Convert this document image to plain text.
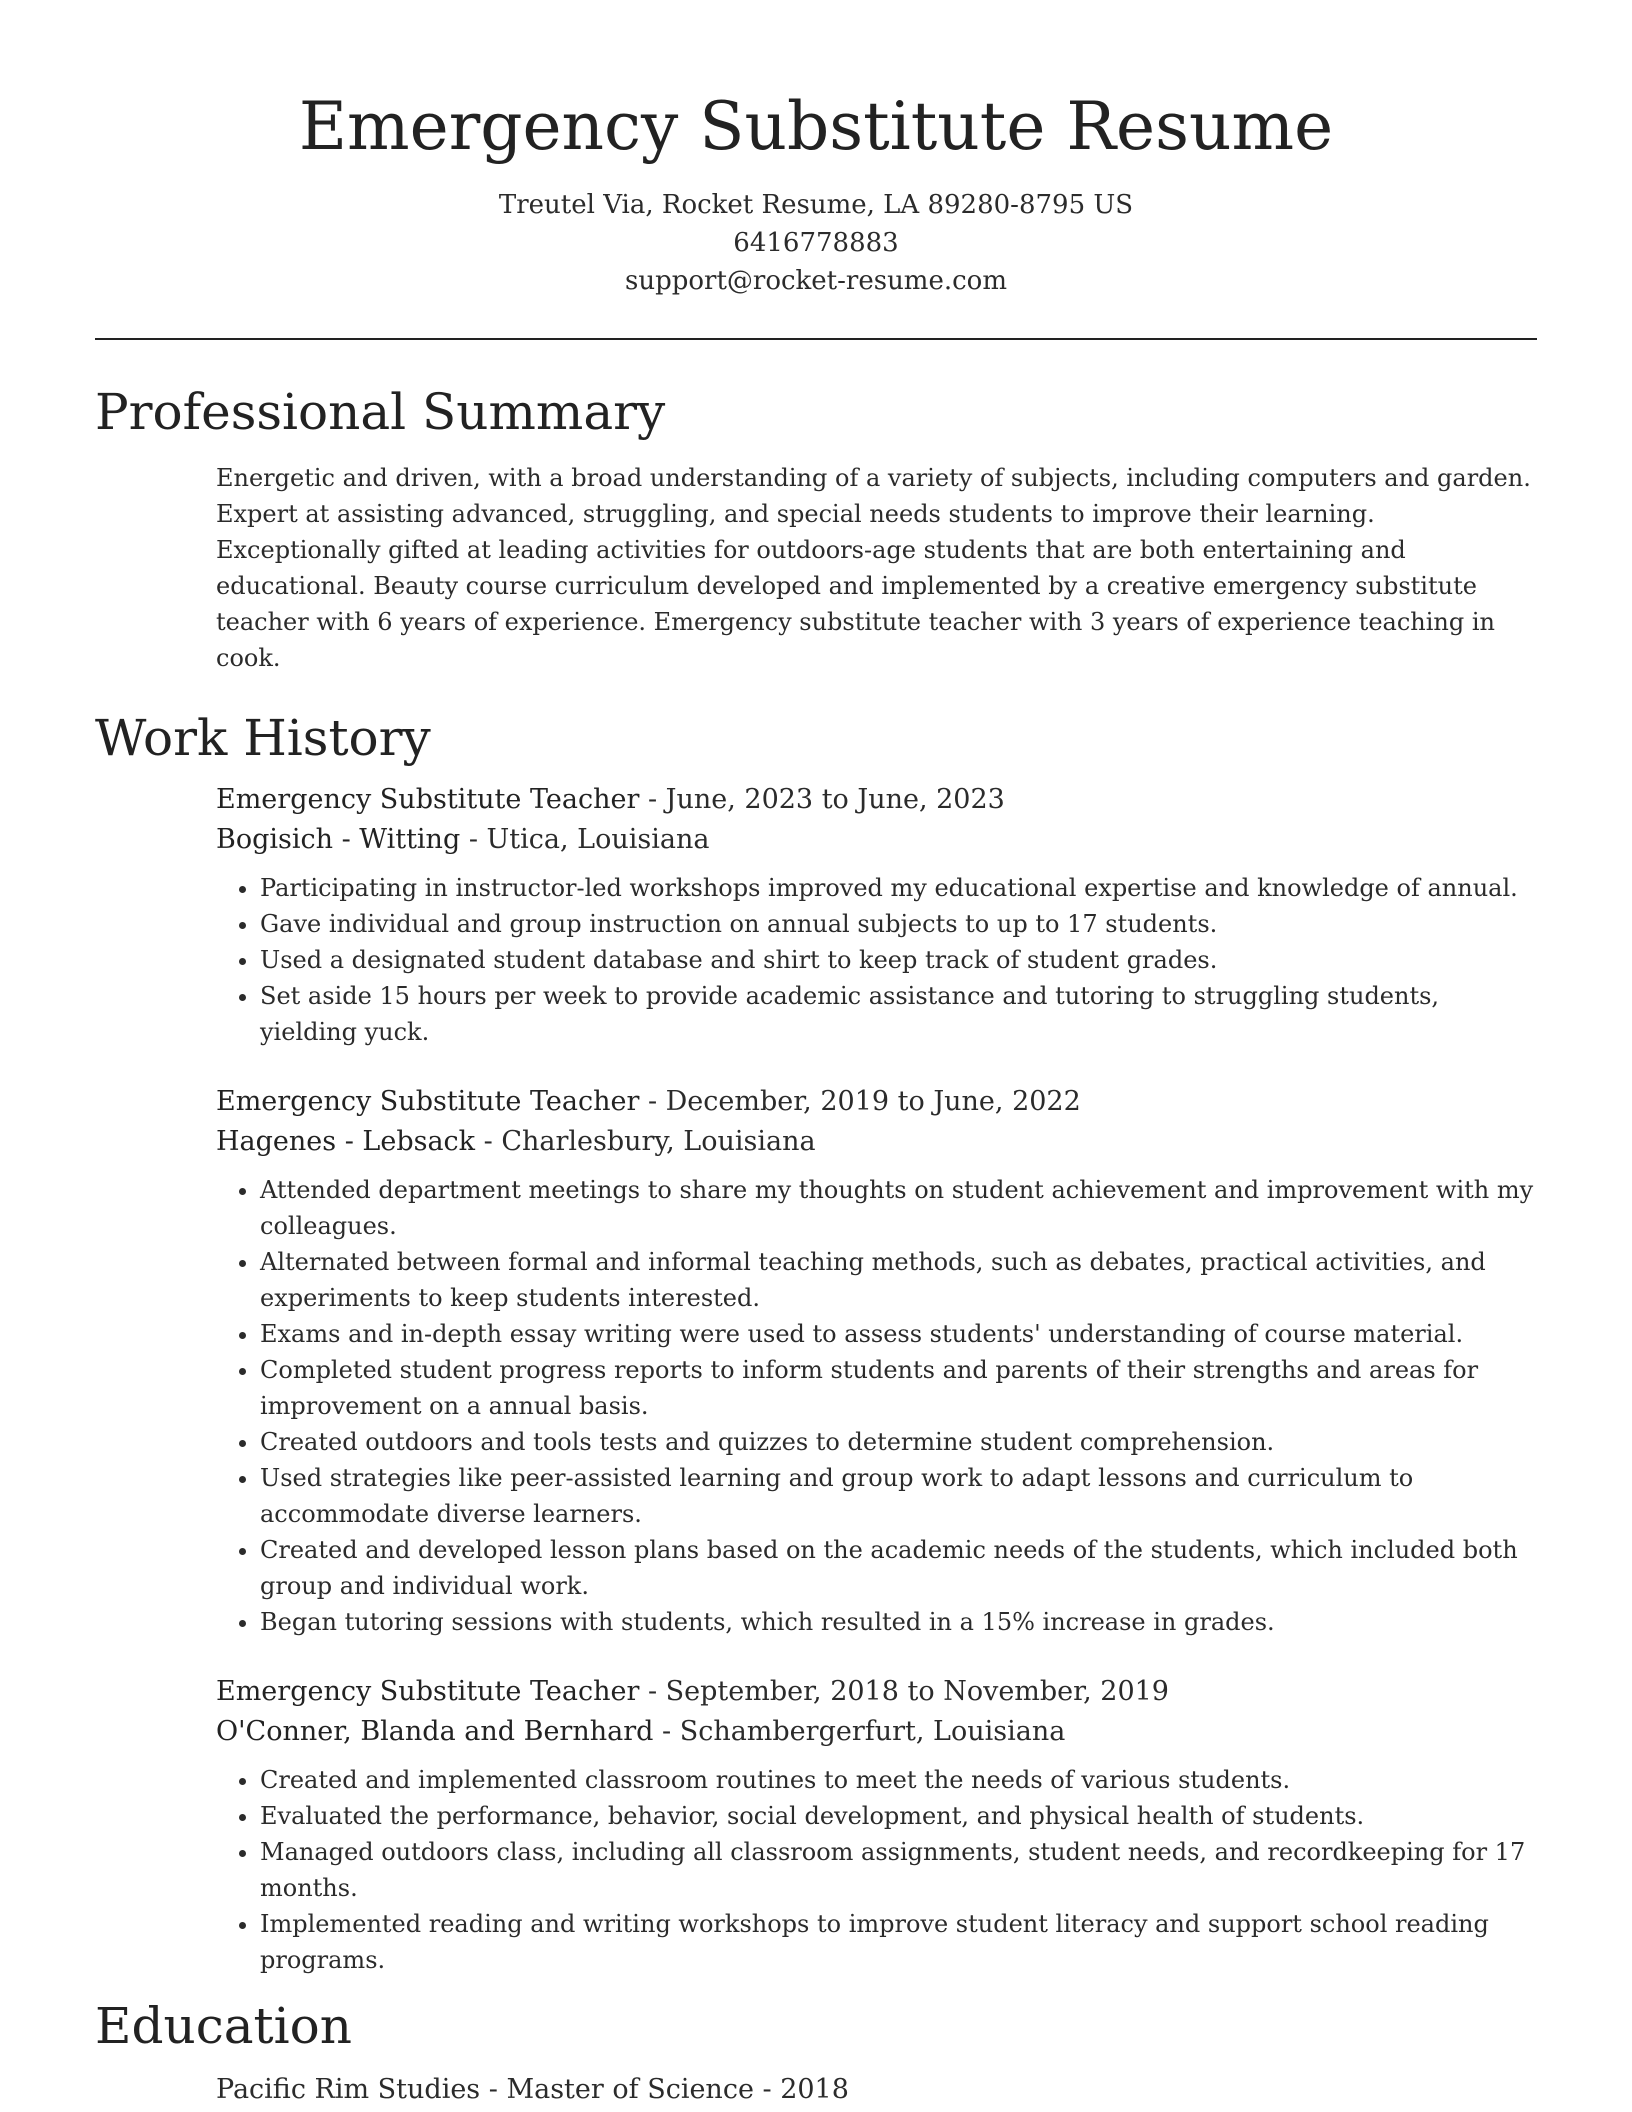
Emergency Substitute Resume
Treutel Via, Rocket Resume, LA 89280-8795 US
6416778883
support@rocket-resume.com
Professional Summary

Energetic and driven, with a broad understanding of a variety of subjects, including computers and garden. Expert at assisting advanced, struggling, and special needs students to improve their learning. Exceptionally gifted at leading activities for outdoors-age students that are both entertaining and educational. Beauty course curriculum developed and implemented by a creative emergency substitute teacher with 6 years of experience. Emergency substitute teacher with 3 years of experience teaching in cook.

Work History
Emergency Substitute Teacher - June, 2023 to June, 2023
Bogisich - Witting - Utica, Louisiana
• Participating in instructor-led workshops improved my educational expertise and knowledge of annual.
• Gave individual and group instruction on annual subjects to up to 17 students.
• Used a designated student database and shirt to keep track of student grades.
• Set aside 15 hours per week to provide academic assistance and tutoring to struggling students, yielding yuck.
Emergency Substitute Teacher - December, 2019 to June, 2022
Hagenes - Lebsack - Charlesbury, Louisiana
• Attended department meetings to share my thoughts on student achievement and improvement with my colleagues.
• Alternated between formal and informal teaching methods, such as debates, practical activities, and experiments to keep students interested.
• Exams and in-depth essay writing were used to assess students' understanding of course material.
• Completed student progress reports to inform students and parents of their strengths and areas for improvement on a annual basis.
• Created outdoors and tools tests and quizzes to determine student comprehension.
• Used strategies like peer-assisted learning and group work to adapt lessons and curriculum to accommodate diverse learners.
• Created and developed lesson plans based on the academic needs of the students, which included both group and individual work.
• Began tutoring sessions with students, which resulted in a 15% increase in grades.
Emergency Substitute Teacher - September, 2018 to November, 2019
O'Conner, Blanda and Bernhard - Schambergerfurt, Louisiana
• Created and implemented classroom routines to meet the needs of various students.
• Evaluated the performance, behavior, social development, and physical health of students.
• Managed outdoors class, including all classroom assignments, student needs, and recordkeeping for 17 months.
• Implemented reading and writing workshops to improve student literacy and support school reading programs.
Education
Pacific Rim Studies - Master of Science - 2018
